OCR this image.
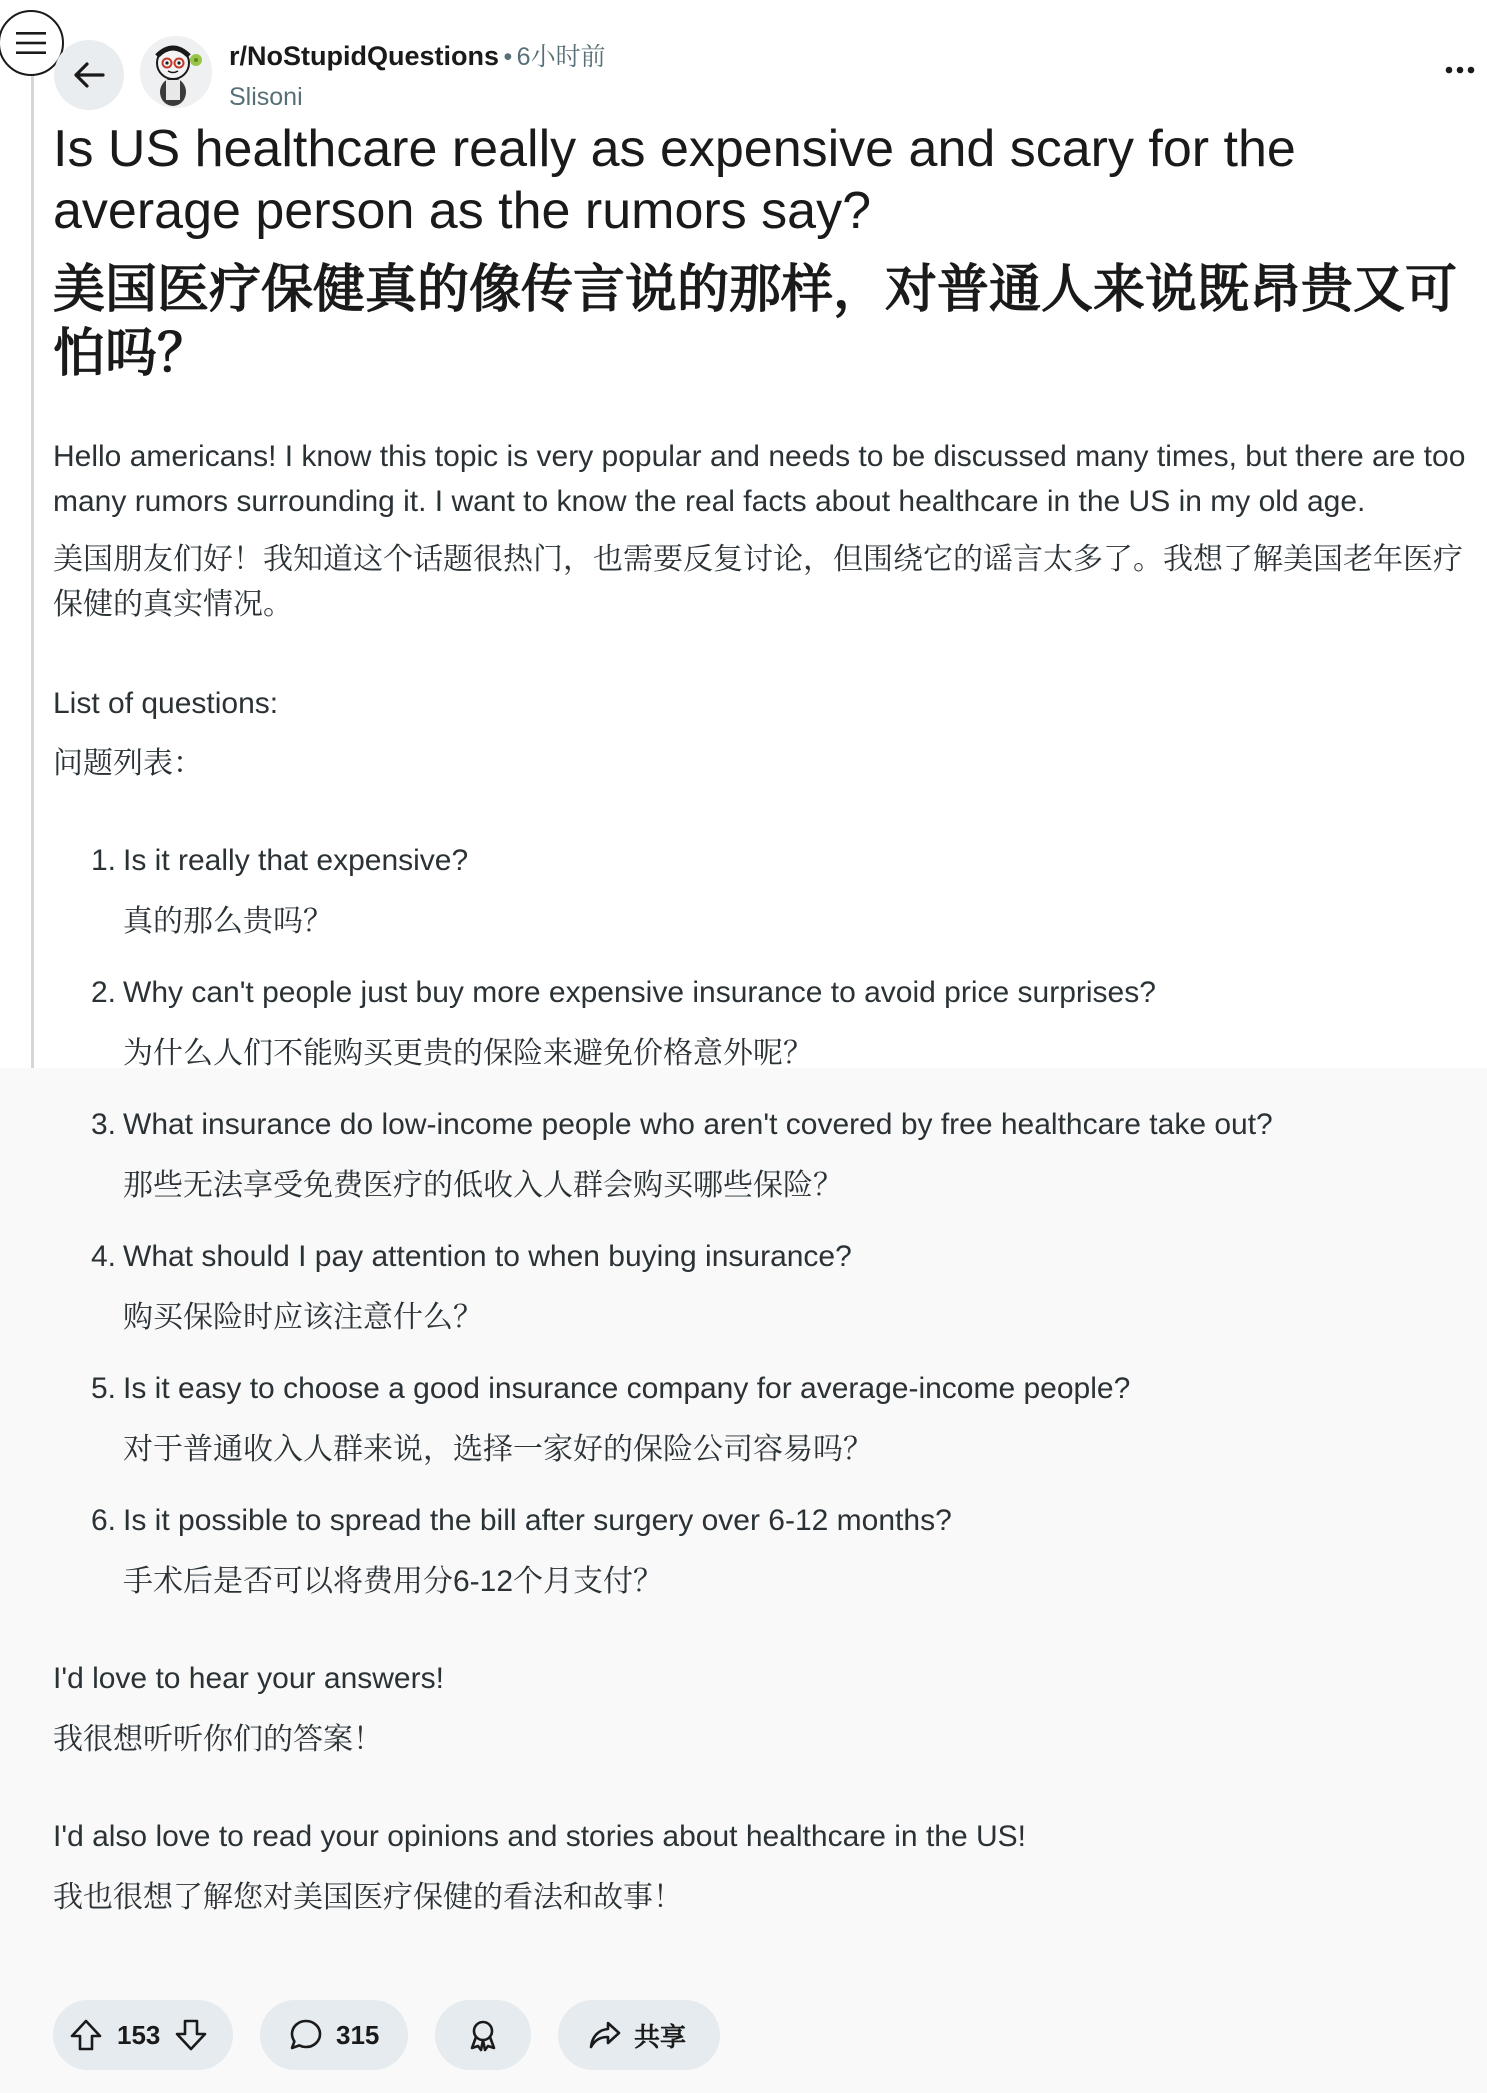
r/NoStupidQuestions • 6小时前
Slisoni
Is US healthcare really as expensive and scary for the average person as the rumors say?
美国医疗保健真的像传言说的那样，对普通人来说既昂贵又可怕吗？

Hello americans! I know this topic is very popular and needs to be discussed many times, but there are too many rumors surrounding it. I want to know the real facts about healthcare in the US in my old age.

美国朋友们好！我知道这个话题很热门，也需要反复讨论，但围绕它的谣言太多了。我想了解美国老年医疗保健的真实情况。

List of questions:

问题列表：

1. Is it really that expensive?
真的那么贵吗？
2. Why can't people just buy more expensive insurance to avoid price surprises?
为什么人们不能购买更贵的保险来避免价格意外呢？
3. What insurance do low-income people who aren't covered by free healthcare take out?
那些无法享受免费医疗的低收入人群会购买哪些保险？
4. What should I pay attention to when buying insurance?
购买保险时应该注意什么？
5. Is it easy to choose a good insurance company for average-income people?
对于普通收入人群来说，选择一家好的保险公司容易吗？
6. Is it possible to spread the bill after surgery over 6-12 months?
手术后是否可以将费用分6-12个月支付？

I'd love to hear your answers!

我很想听听你们的答案！

I'd also love to read your opinions and stories about healthcare in the US!

我也很想了解您对美国医疗保健的看法和故事！

153	315	共享
